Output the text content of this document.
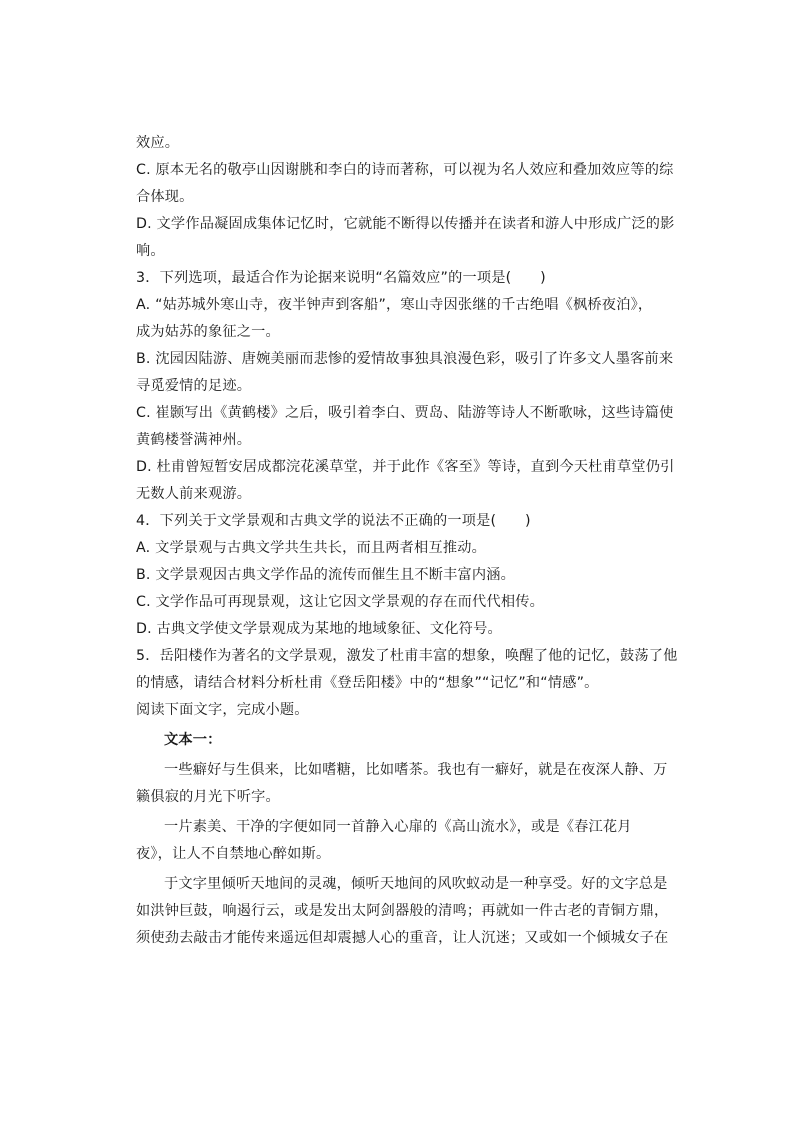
效应。
C. 原本无名的敬亭山因谢朓和李白的诗而著称，可以视为名人效应和叠加效应等的综
合体现。
D. 文学作品凝固成集体记忆时，它就能不断得以传播并在读者和游人中形成广泛的影
响。
3．下列选项，最适合作为论据来说明“名篇效应”的一项是(　　)
A. “姑苏城外寒山寺，夜半钟声到客船”，寒山寺因张继的千古绝唱《枫桥夜泊》，
成为姑苏的象征之一。
B. 沈园因陆游、唐婉美丽而悲惨的爱情故事独具浪漫色彩，吸引了许多文人墨客前来
寻觅爱情的足迹。
C. 崔颢写出《黄鹤楼》之后，吸引着李白、贾岛、陆游等诗人不断歌咏，这些诗篇使
黄鹤楼誉满神州。
D. 杜甫曾短暂安居成都浣花溪草堂，并于此作《客至》等诗，直到今天杜甫草堂仍引
无数人前来观游。
4．下列关于文学景观和古典文学的说法不正确的一项是(　　)
A. 文学景观与古典文学共生共长，而且两者相互推动。
B. 文学景观因古典文学作品的流传而催生且不断丰富内涵。
C. 文学作品可再现景观，这让它因文学景观的存在而代代相传。
D. 古典文学使文学景观成为某地的地域象征、文化符号。
5．岳阳楼作为著名的文学景观，激发了杜甫丰富的想象，唤醒了他的记忆，鼓荡了他
的情感，请结合材料分析杜甫《登岳阳楼》中的“想象”“记忆”和“情感”。
阅读下面文字，完成小题。
文本一：
一些癖好与生俱来，比如嗜糖，比如嗜茶。我也有一癖好，就是在夜深人静、万
籁俱寂的月光下听字。
一片素美、干净的字便如同一首静入心扉的《高山流水》，或是《春江花月
夜》，让人不自禁地心醉如斯。
于文字里倾听天地间的灵魂，倾听天地间的风吹蚁动是一种享受。好的文字总是
如洪钟巨鼓，响遏行云，或是发出太阿剑器般的清鸣；再就如一件古老的青铜方鼎，
须使劲去敲击才能传来遥远但却震撼人心的重音，让人沉迷；又或如一个倾城女子在
